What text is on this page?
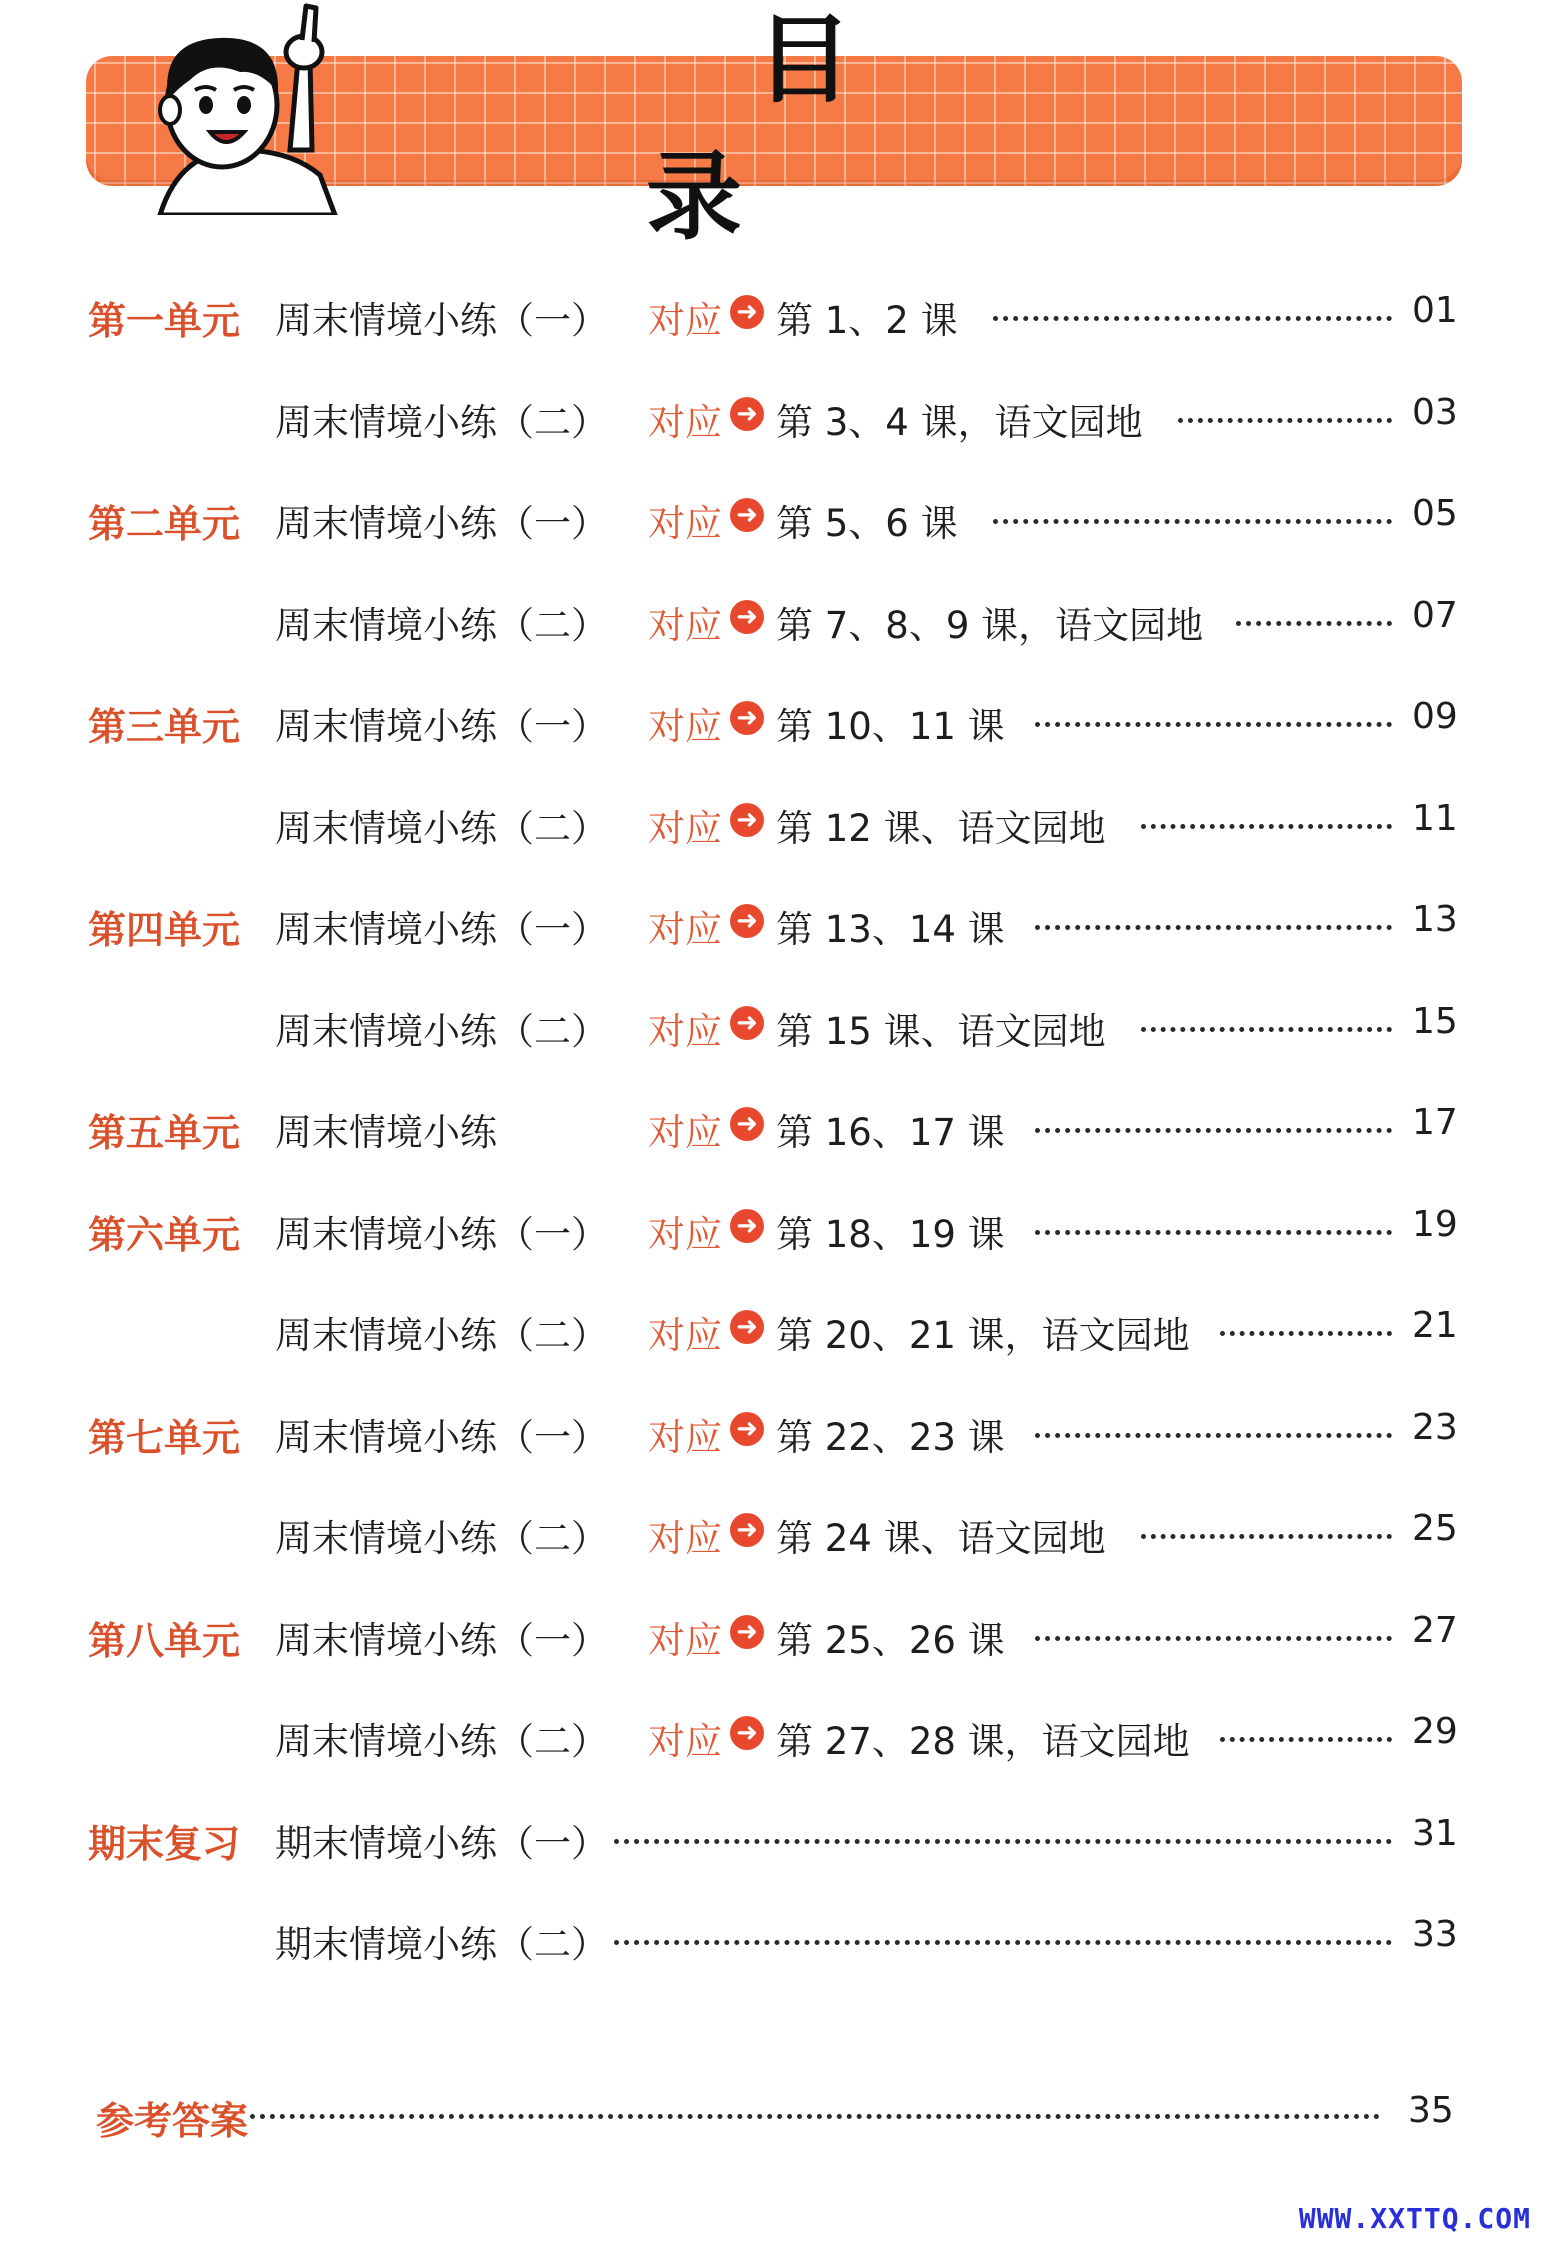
目 录
第一单元 周末情境小练（一） 对应 ➜ 第 1、2 课	01
周末情境小练（二） 对应 ➜ 第 3、4 课，语文园地	03
第二单元 周末情境小练（一） 对应 ➜ 第 5、6 课	05
周末情境小练（二） 对应 ➜ 第 7、8、9 课，语文园地	07
第三单元 周末情境小练（一） 对应 ➜ 第 10、11 课	09
周末情境小练（二） 对应 ➜ 第 12 课、语文园地	11
第四单元 周末情境小练（一） 对应 ➜ 第 13、14 课	13
周末情境小练（二） 对应 ➜ 第 15 课、语文园地	15
第五单元 周末情境小练	对应 ➜ 第 16、17 课	17
第六单元 周末情境小练（一） 对应 ➜ 第 18、19 课	19
周末情境小练（二） 对应 ➜ 第 20、21 课，语文园地	21
第七单元 周末情境小练（一） 对应 ➜ 第 22、23 课	23
周末情境小练（二） 对应 ➜ 第 24 课、语文园地	25
第八单元 周末情境小练（一） 对应 ➜ 第 25、26 课	27
周末情境小练（二） 对应 ➜ 第 27、28 课，语文园地	29
期末复习 期末情境小练（一）	31
期末情境小练（二）	33
参考答案	35
WWW.XXTTQ.COM
